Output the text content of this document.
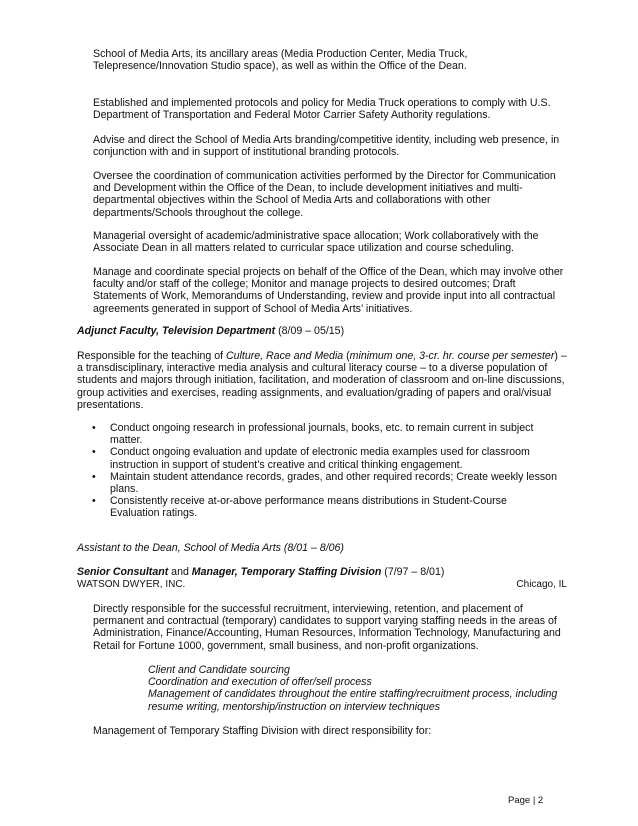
School of Media Arts, its ancillary areas (Media Production Center, Media Truck, Telepresence/Innovation Studio space), as well as within the Office of the Dean.

Established and implemented protocols and policy for Media Truck operations to comply with U.S. Department of Transportation and Federal Motor Carrier Safety Authority regulations.

Advise and direct the School of Media Arts branding/competitive identity, including web presence, in conjunction with and in support of institutional branding protocols.

Oversee the coordination of communication activities performed by the Director for Communication and Development within the Office of the Dean, to include development initiatives and multi-departmental objectives within the School of Media Arts and collaborations with other departments/Schools throughout the college.

Managerial oversight of academic/administrative space allocation; Work collaboratively with the Associate Dean in all matters related to curricular space utilization and course scheduling.

Manage and coordinate special projects on behalf of the Office of the Dean, which may involve other faculty and/or staff of the college; Monitor and manage projects to desired outcomes; Draft Statements of Work, Memorandums of Understanding, review and provide input into all contractual agreements generated in support of School of Media Arts’ initiatives.

Adjunct Faculty, Television Department (8/09 – 05/15)

Responsible for the teaching of Culture, Race and Media (minimum one, 3-cr. hr. course per semester) – a transdisciplinary, interactive media analysis and cultural literacy course – to a diverse population of students and majors through initiation, facilitation, and moderation of classroom and on-line discussions, group activities and exercises, reading assignments, and evaluation/grading of papers and oral/visual presentations.

• Conduct ongoing research in professional journals, books, etc. to remain current in subject matter.
• Conduct ongoing evaluation and update of electronic media examples used for classroom instruction in support of student’s creative and critical thinking engagement.
• Maintain student attendance records, grades, and other required records; Create weekly lesson plans.
• Consistently receive at-or-above performance means distributions in Student-Course Evaluation ratings.

Assistant to the Dean, School of Media Arts (8/01 – 8/06)

Senior Consultant and Manager, Temporary Staffing Division (7/97 – 8/01)

WATSON DWYER, INC.	Chicago, IL

Directly responsible for the successful recruitment, interviewing, retention, and placement of permanent and contractual (temporary) candidates to support varying staffing needs in the areas of Administration, Finance/Accounting, Human Resources, Information Technology, Manufacturing and Retail for Fortune 1000, government, small business, and non-profit organizations.

Client and Candidate sourcing
Coordination and execution of offer/sell process
Management of candidates throughout the entire staffing/recruitment process, including resume writing, mentorship/instruction on interview techniques

Management of Temporary Staffing Division with direct responsibility for:

Page | 2
